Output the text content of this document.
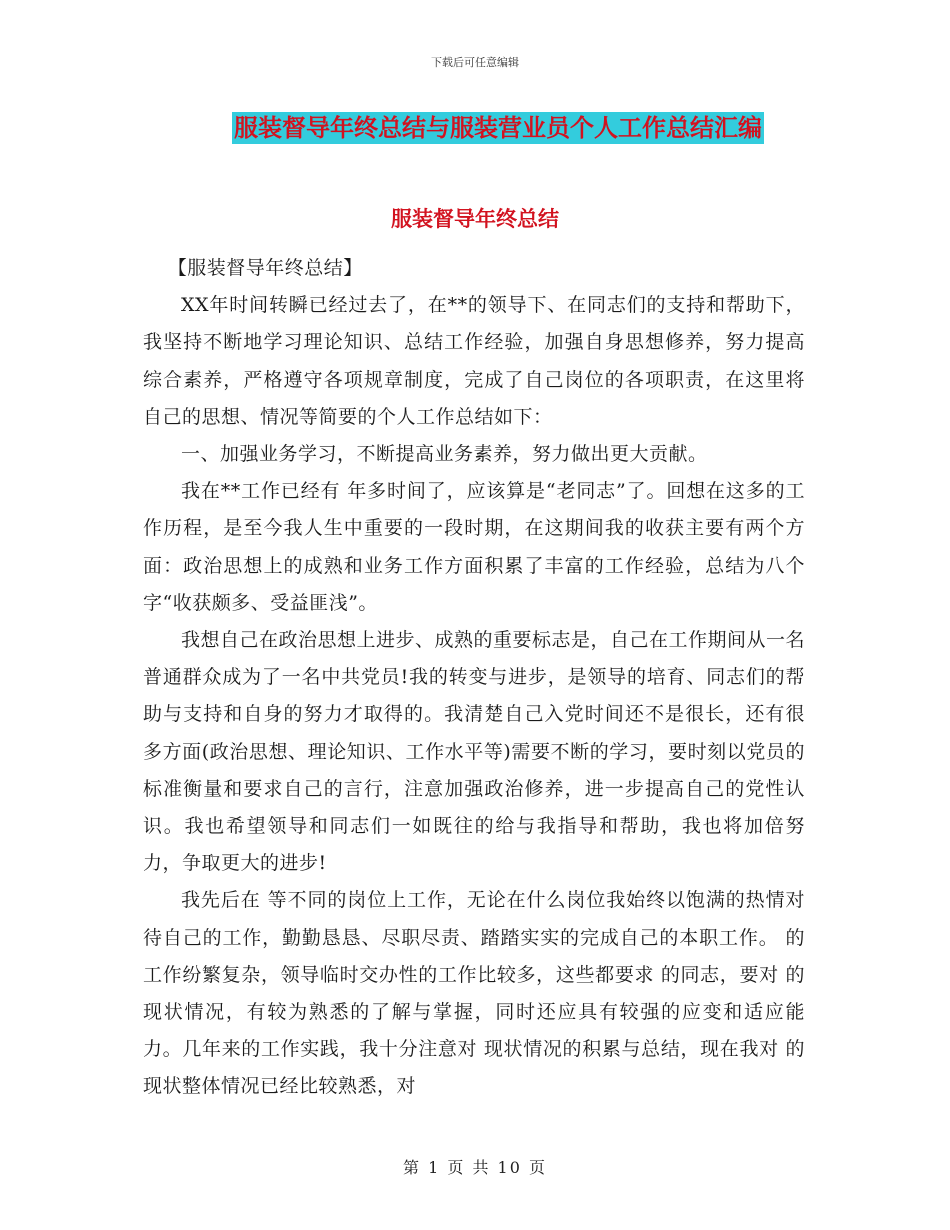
下载后可任意编辑
服装督导年终总结与服装营业员个人工作总结汇编
服装督导年终总结

【服装督导年终总结】

XX年时间转瞬已经过去了，在**的领导下、在同志们的支持和帮助下，我坚持不断地学习理论知识、总结工作经验，加强自身思想修养，努力提高综合素养，严格遵守各项规章制度，完成了自己岗位的各项职责，在这里将自己的思想、情况等简要的个人工作总结如下：

一、加强业务学习，不断提高业务素养，努力做出更大贡献。

我在**工作已经有 年多时间了，应该算是“老同志”了。回想在这多的工作历程，是至今我人生中重要的一段时期，在这期间我的收获主要有两个方面：政治思想上的成熟和业务工作方面积累了丰富的工作经验，总结为八个字“收获颇多、受益匪浅”。

我想自己在政治思想上进步、成熟的重要标志是，自己在工作期间从一名普通群众成为了一名中共党员!我的转变与进步，是领导的培育、同志们的帮助与支持和自身的努力才取得的。我清楚自己入党时间还不是很长，还有很多方面(政治思想、理论知识、工作水平等)需要不断的学习，要时刻以党员的标准衡量和要求自己的言行，注意加强政治修养，进一步提高自己的党性认识。我也希望领导和同志们一如既往的给与我指导和帮助，我也将加倍努力，争取更大的进步!

我先后在 等不同的岗位上工作，无论在什么岗位我始终以饱满的热情对待自己的工作，勤勤恳恳、尽职尽责、踏踏实实的完成自己的本职工作。 的工作纷繁复杂，领导临时交办性的工作比较多，这些都要求 的同志，要对 的现状情况，有较为熟悉的了解与掌握，同时还应具有较强的应变和适应能力。几年来的工作实践，我十分注意对 现状情况的积累与总结，现在我对 的现状整体情况已经比较熟悉，对

第 1 页 共 10 页
